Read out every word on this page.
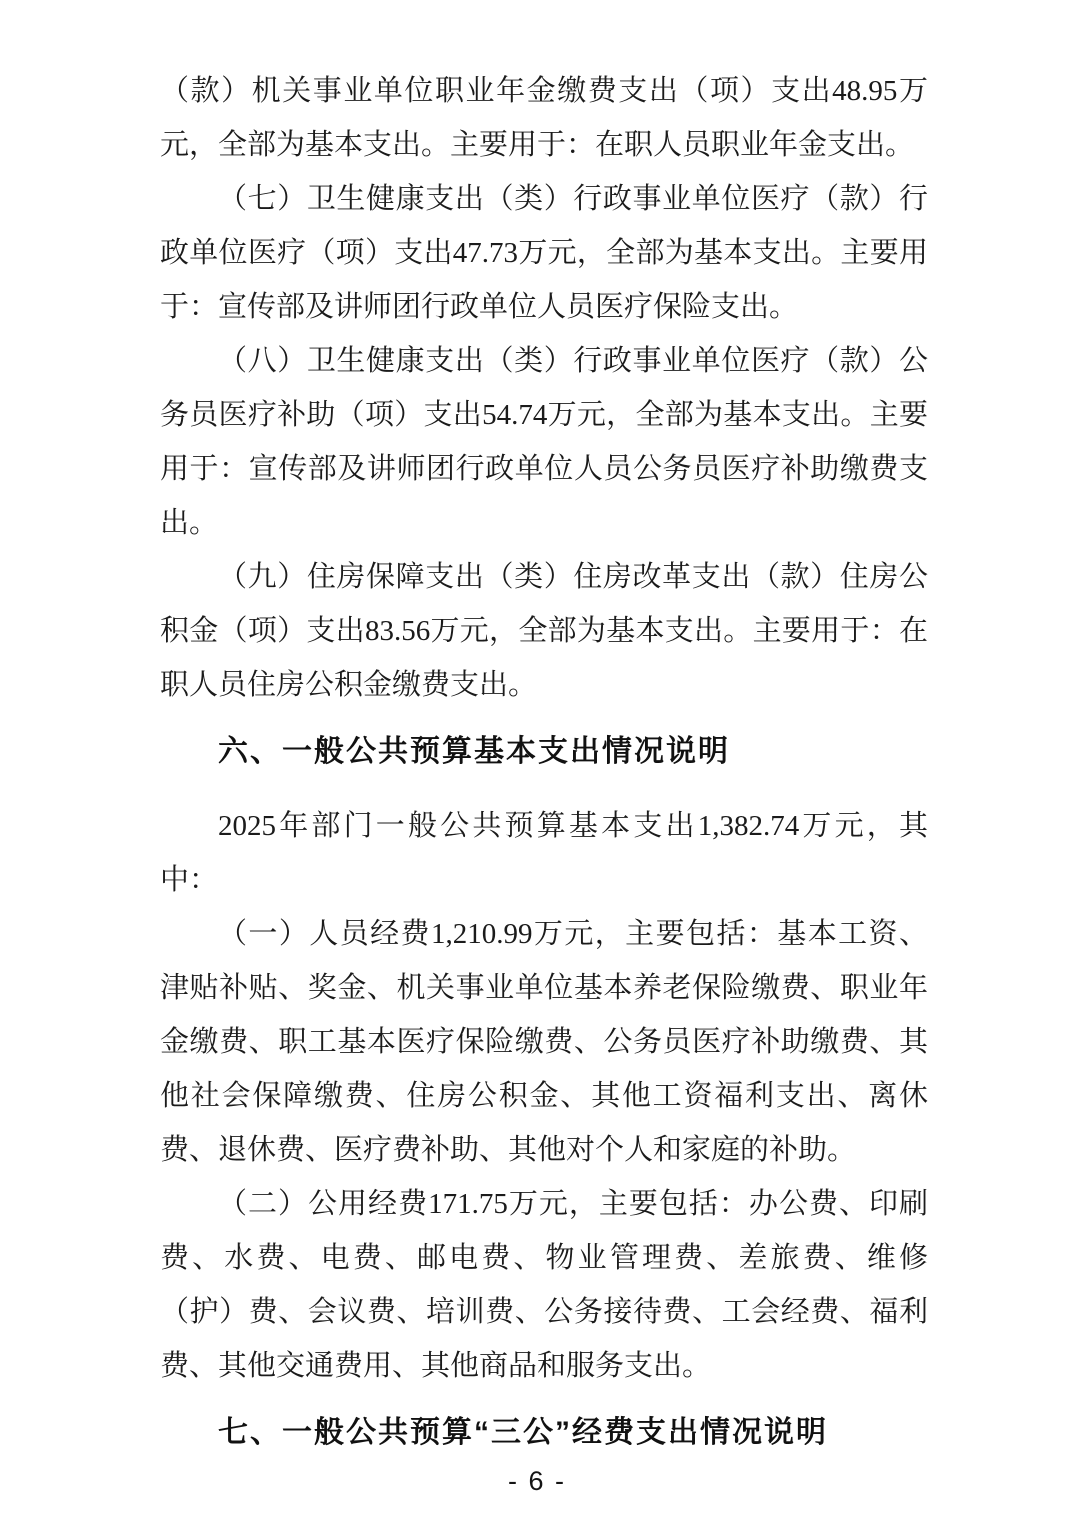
（款）机关事业单位职业年金缴费支出（项）支出48.95万元，全部为基本支出。主要用于：在职人员职业年金支出。

（七）卫生健康支出（类）行政事业单位医疗（款）行政单位医疗（项）支出47.73万元，全部为基本支出。主要用于：宣传部及讲师团行政单位人员医疗保险支出。

（八）卫生健康支出（类）行政事业单位医疗（款）公务员医疗补助（项）支出54.74万元，全部为基本支出。主要用于：宣传部及讲师团行政单位人员公务员医疗补助缴费支出。

（九）住房保障支出（类）住房改革支出（款）住房公积金（项）支出83.56万元，全部为基本支出。主要用于：在职人员住房公积金缴费支出。

六、一般公共预算基本支出情况说明

2025年部门一般公共预算基本支出1,382.74万元，其中：

（一）人员经费1,210.99万元，主要包括：基本工资、津贴补贴、奖金、机关事业单位基本养老保险缴费、职业年金缴费、职工基本医疗保险缴费、公务员医疗补助缴费、其他社会保障缴费、住房公积金、其他工资福利支出、离休费、退休费、医疗费补助、其他对个人和家庭的补助。

（二）公用经费171.75万元，主要包括：办公费、印刷费、水费、电费、邮电费、物业管理费、差旅费、维修（护）费、会议费、培训费、公务接待费、工会经费、福利费、其他交通费用、其他商品和服务支出。

七、一般公共预算“三公”经费支出情况说明
- 6 -
